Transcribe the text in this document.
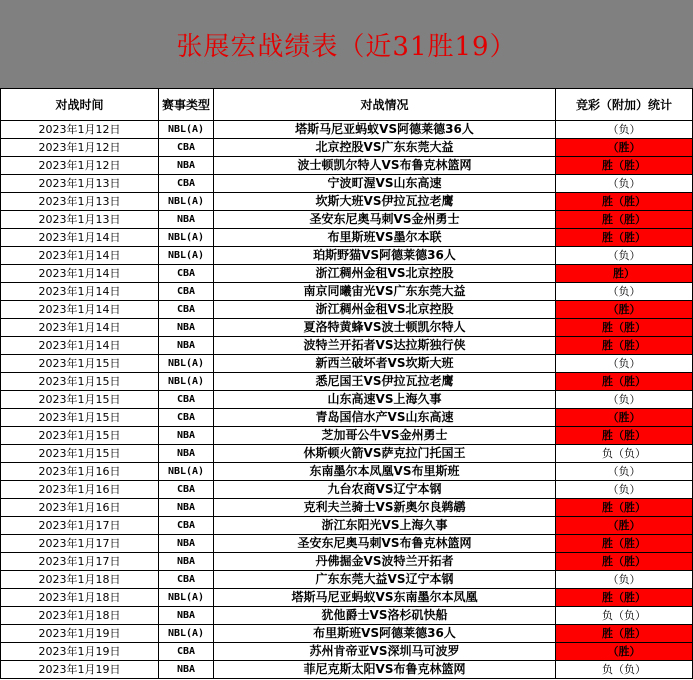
张展宏战绩表（近31胜19）
对战时间	赛事类型	对战情况	竞彩（附加）统计
2023年1月12日	NBL(A)	塔斯马尼亚蚂蚁VS阿德莱德36人	（负）
2023年1月12日	CBA	北京控股VS广东东莞大益	（胜）
2023年1月12日	NBA	波士顿凯尔特人VS布鲁克林篮网	胜（胜）
2023年1月13日	CBA	宁波町渥VS山东高速	（负）
2023年1月13日	NBL(A)	坎斯大班VS伊拉瓦拉老鹰	胜（胜）
2023年1月13日	NBA	圣安东尼奥马刺VS金州勇士	胜（胜）
2023年1月14日	NBL(A)	布里斯班VS墨尔本联	胜（胜）
2023年1月14日	NBL(A)	珀斯野猫VS阿德莱德36人	（负）
2023年1月14日	CBA	浙江稠州金租VS北京控股	胜）
2023年1月14日	CBA	南京同曦宙光VS广东东莞大益	（负）
2023年1月14日	CBA	浙江稠州金租VS北京控股	（胜）
2023年1月14日	NBA	夏洛特黄蜂VS波士顿凯尔特人	胜（胜）
2023年1月14日	NBA	波特兰开拓者VS达拉斯独行侠	胜（胜）
2023年1月15日	NBL(A)	新西兰破坏者VS坎斯大班	（负）
2023年1月15日	NBL(A)	悉尼国王VS伊拉瓦拉老鹰	胜（胜）
2023年1月15日	CBA	山东高速VS上海久事	（负）
2023年1月15日	CBA	青岛国信水产VS山东高速	（胜）
2023年1月15日	NBA	芝加哥公牛VS金州勇士	胜（胜）
2023年1月15日	NBA	休斯顿火箭VS萨克拉门托国王	负（负）
2023年1月16日	NBL(A)	东南墨尔本凤凰VS布里斯班	（负）
2023年1月16日	CBA	九台农商VS辽宁本钢	（负）
2023年1月16日	NBA	克利夫兰骑士VS新奥尔良鹈鹕	胜（胜）
2023年1月17日	CBA	浙江东阳光VS上海久事	（胜）
2023年1月17日	NBA	圣安东尼奥马刺VS布鲁克林篮网	胜（胜）
2023年1月17日	NBA	丹佛掘金VS波特兰开拓者	胜（胜）
2023年1月18日	CBA	广东东莞大益VS辽宁本钢	（负）
2023年1月18日	NBL(A)	塔斯马尼亚蚂蚁VS东南墨尔本凤凰	胜（胜）
2023年1月18日	NBA	犹他爵士VS洛杉矶快船	负（负）
2023年1月19日	NBL(A)	布里斯班VS阿德莱德36人	胜（胜）
2023年1月19日	CBA	苏州肯帝亚VS深圳马可波罗	（胜）
2023年1月19日	NBA	菲尼克斯太阳VS布鲁克林篮网	负（负）
